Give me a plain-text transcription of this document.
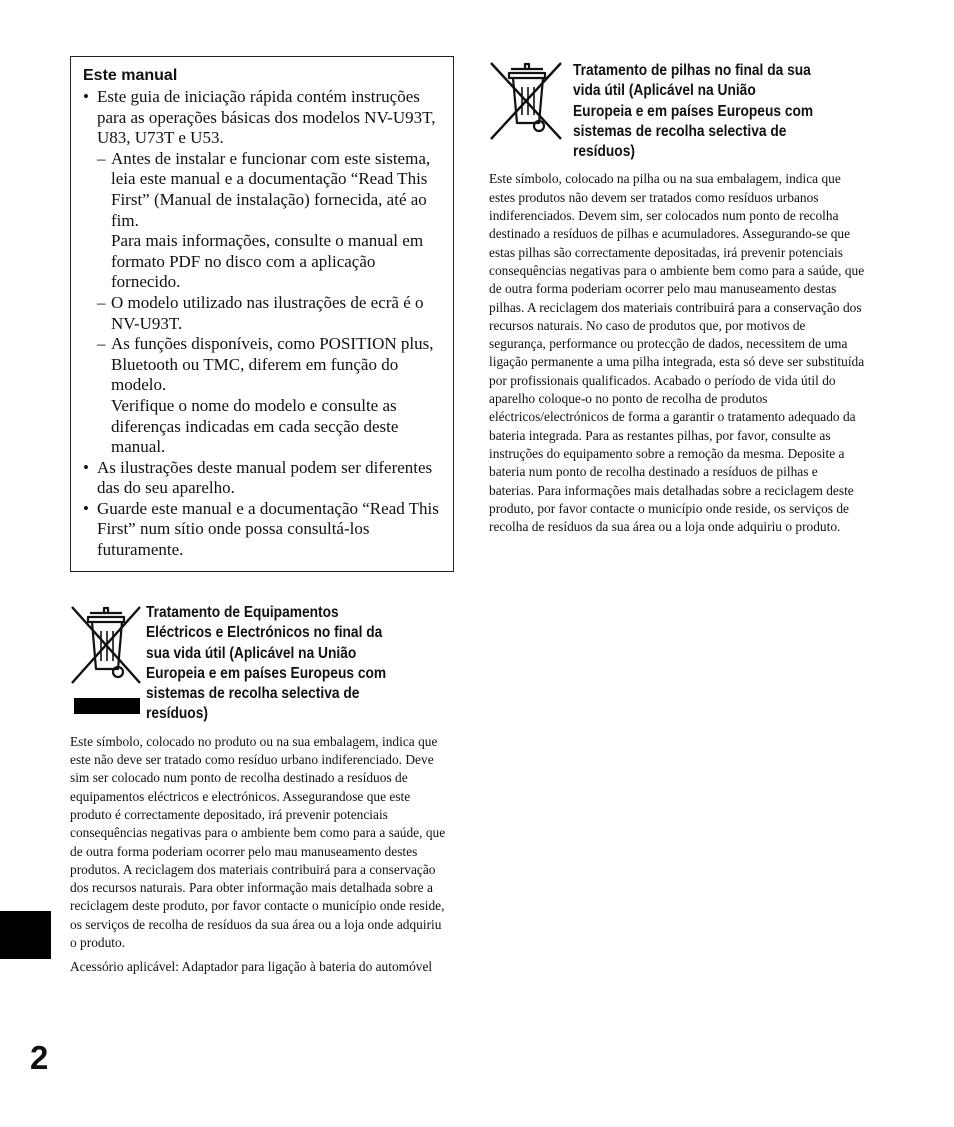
Este manual
• Este guia de iniciação rápida contém instruções para as operações básicas dos modelos NV-U93T, U83, U73T e U53.
– Antes de instalar e funcionar com este sistema, leia este manual e a documentação “Read This First” (Manual de instalação) fornecida, até ao fim.
Para mais informações, consulte o manual em formato PDF no disco com a aplicação fornecido.
– O modelo utilizado nas ilustrações de ecrã é o NV-U93T.
– As funções disponíveis, como POSITION plus, Bluetooth ou TMC, diferem em função do modelo.
Verifique o nome do modelo e consulte as diferenças indicadas em cada secção deste manual.
• As ilustrações deste manual podem ser diferentes das do seu aparelho.
• Guarde este manual e a documentação “Read This First” num sítio onde possa consultá-los futuramente.
Tratamento de Equipamentos
Eléctricos e Electrónicos no final da
sua vida útil (Aplicável na União
Europeia e em países Europeus com
sistemas de recolha selectiva de
resíduos)

Este símbolo, colocado no produto ou na sua embalagem, indica que este não deve ser tratado como resíduo urbano indiferenciado. Deve sim ser colocado num ponto de recolha destinado a resíduos de equipamentos eléctricos e electrónicos. Assegurandose que este produto é correctamente depositado, irá prevenir potenciais consequências negativas para o ambiente bem como para a saúde, que de outra forma poderiam ocorrer pelo mau manuseamento destes produtos. A reciclagem dos materiais contribuirá para a conservação dos recursos naturais. Para obter informação mais detalhada sobre a reciclagem deste produto, por favor contacte o município onde reside, os serviços de recolha de resíduos da sua área ou a loja onde adquiriu o produto.

Acessório aplicável: Adaptador para ligação à bateria do automóvel

Tratamento de pilhas no final da sua
vida útil (Aplicável na União
Europeia e em países Europeus com
sistemas de recolha selectiva de
resíduos)

Este símbolo, colocado na pilha ou na sua embalagem, indica que estes produtos não devem ser tratados como resíduos urbanos indiferenciados. Devem sim, ser colocados num ponto de recolha destinado a resíduos de pilhas e acumuladores. Assegurando-se que estas pilhas são correctamente depositadas, irá prevenir potenciais consequências negativas para o ambiente bem como para a saúde, que de outra forma poderiam ocorrer pelo mau manuseamento destas pilhas. A reciclagem dos materiais contribuirá para a conservação dos recursos naturais. No caso de produtos que, por motivos de segurança, performance ou protecção de dados, necessitem de uma ligação permanente a uma pilha integrada, esta só deve ser substituída por profissionais qualificados. Acabado o período de vida útil do aparelho coloque-o no ponto de recolha de produtos eléctricos/electrónicos de forma a garantir o tratamento adequado da bateria integrada. Para as restantes pilhas, por favor, consulte as instruções do equipamento sobre a remoção da mesma. Deposite a bateria num ponto de recolha destinado a resíduos de pilhas e baterias. Para informações mais detalhadas sobre a reciclagem deste produto, por favor contacte o município onde reside, os serviços de recolha de resíduos da sua área ou a loja onde adquiriu o produto.

2
